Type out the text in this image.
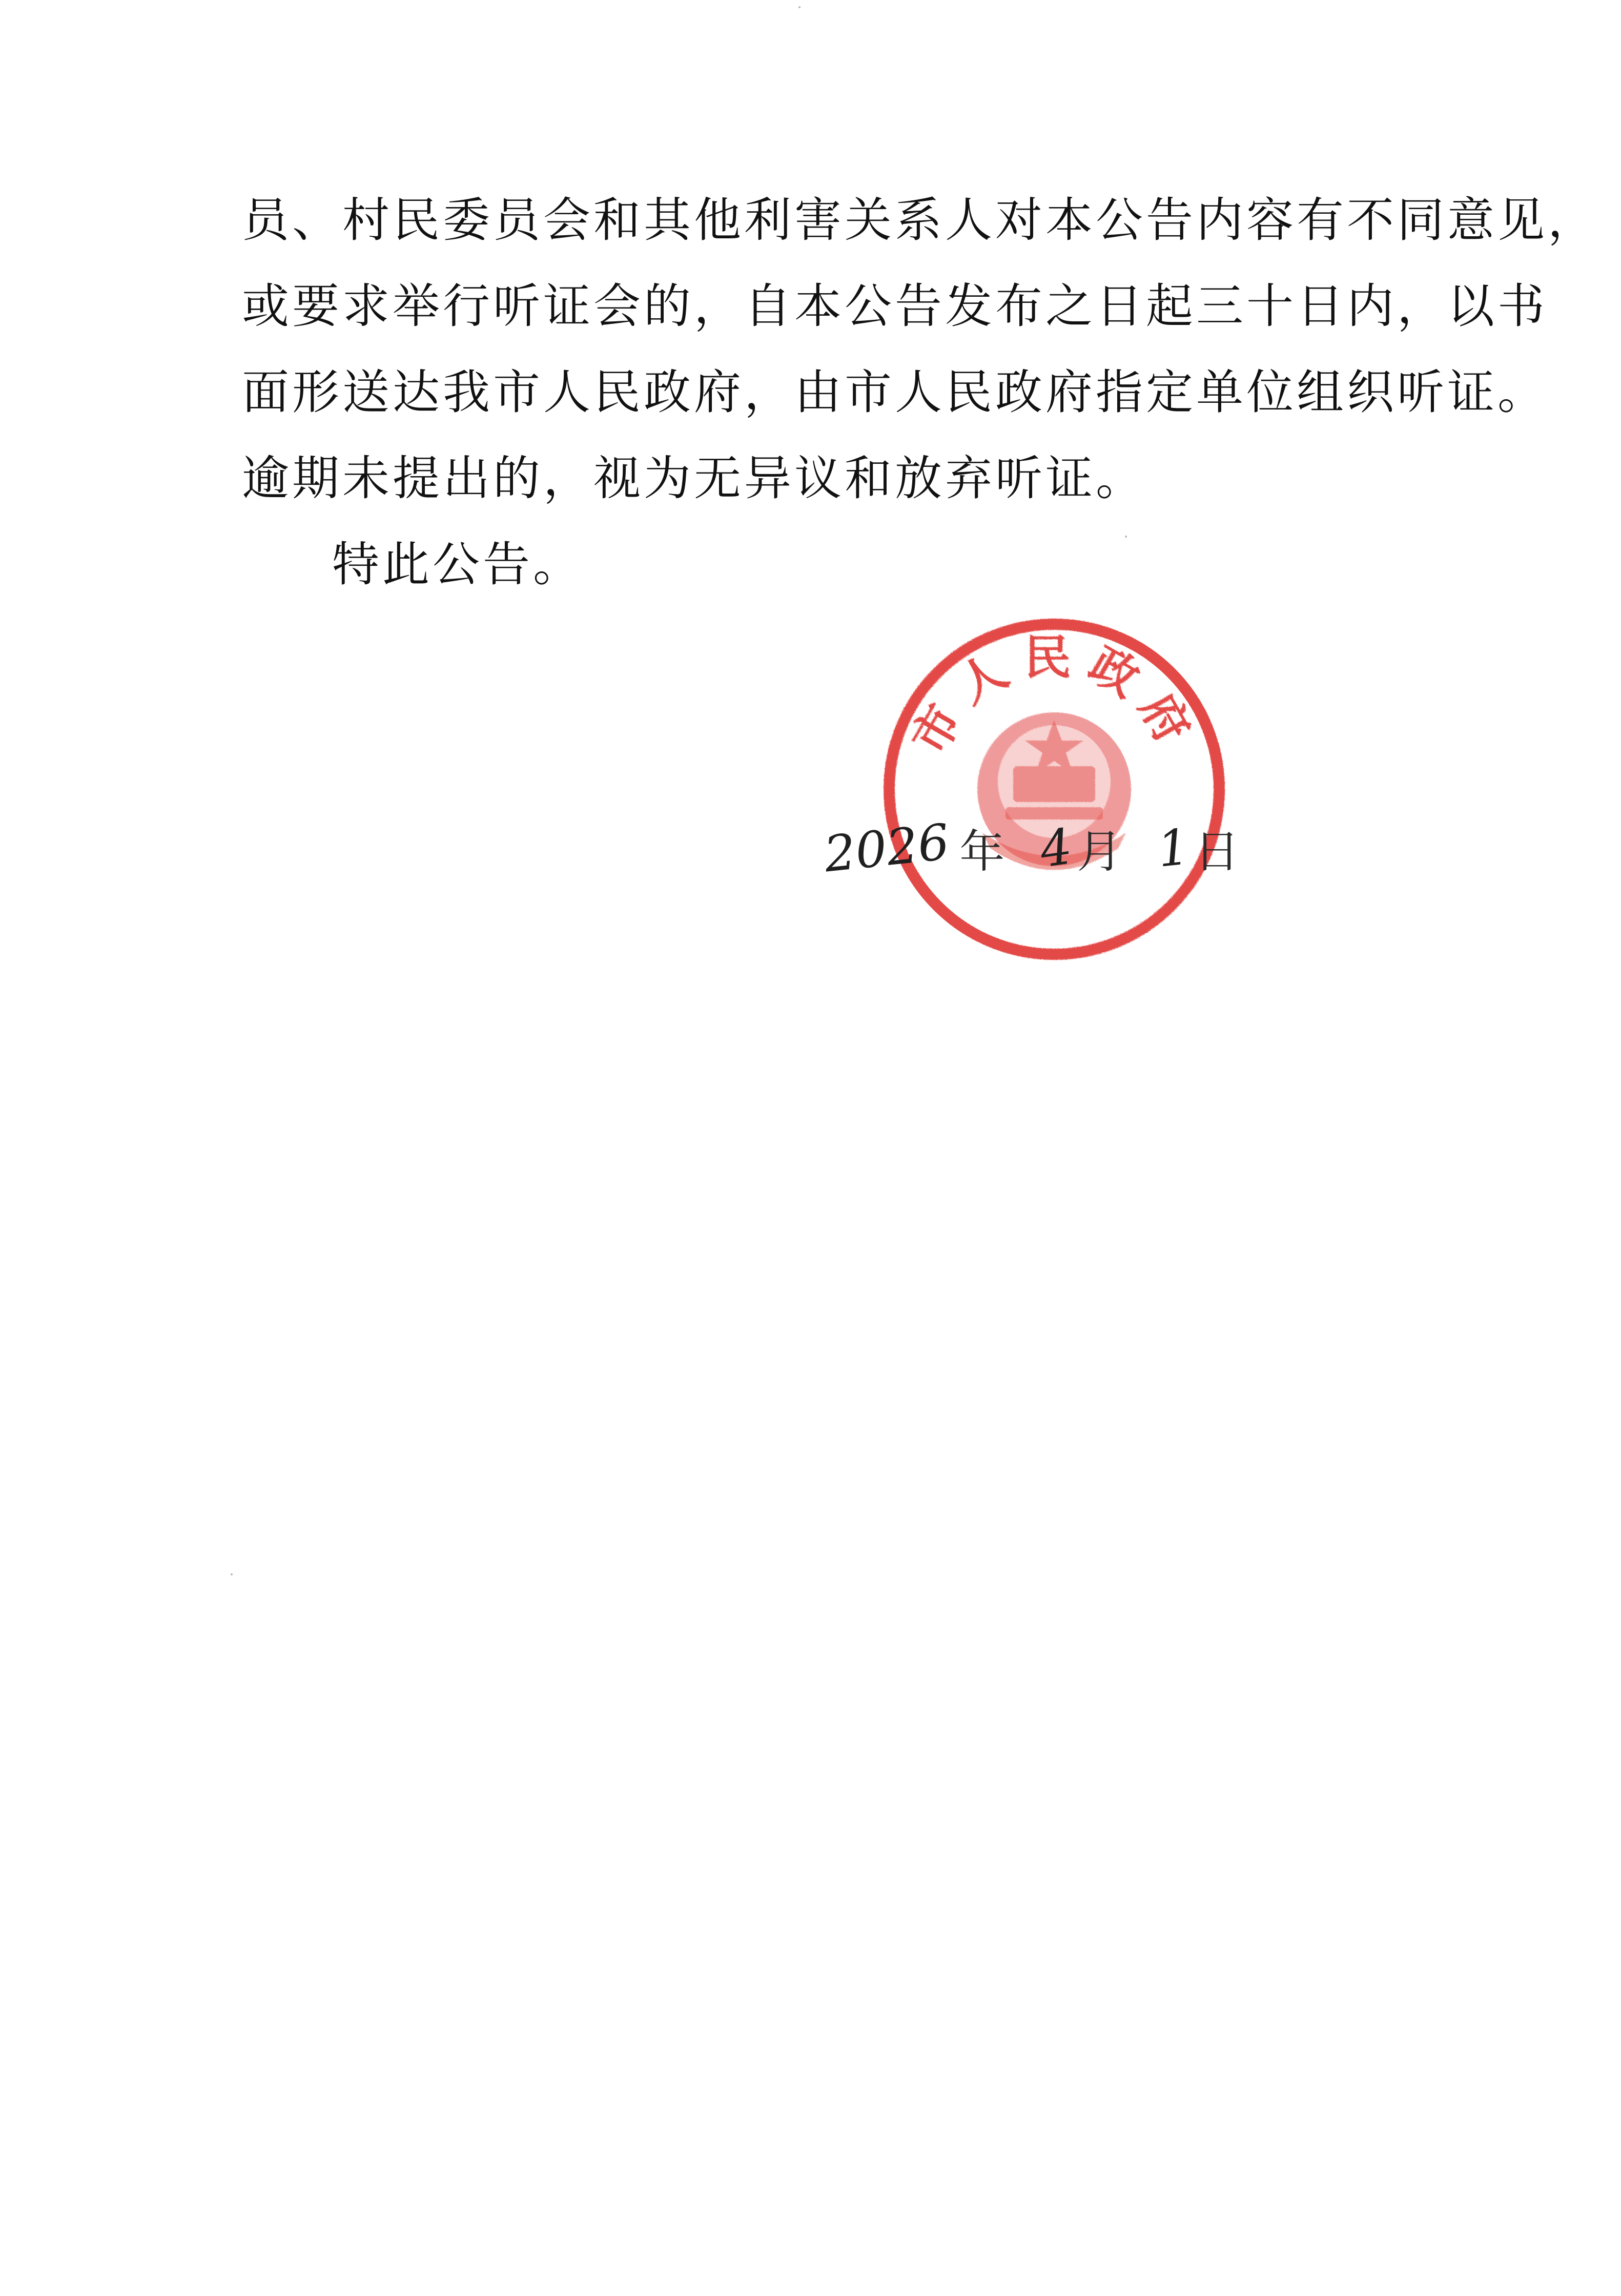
员、村民委员会和其他利害关系人对本公告内容有不同意见，
或要求举行听证会的，自本公告发布之日起三十日内，以书
面形送达我市人民政府，由市人民政府指定单位组织听证。
逾期未提出的，视为无异议和放弃听证。
特此公告。
市人民政府
2026 年 4 月 1 日
